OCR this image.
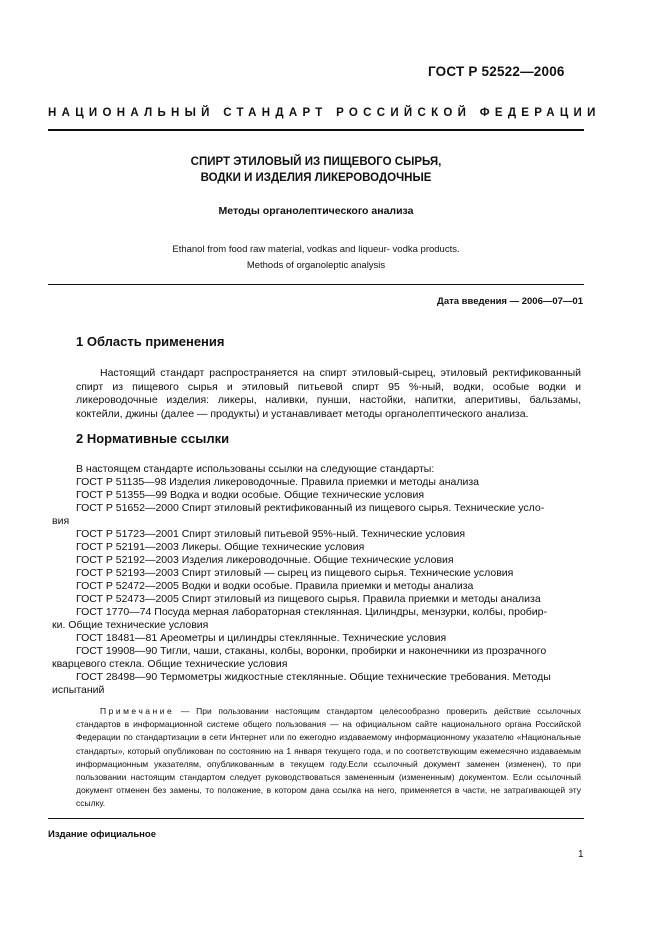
ГОСТ Р 52522—2006
НАЦИОНАЛЬНЫЙ СТАНДАРТ РОССИЙСКОЙ ФЕДЕРАЦИИ
СПИРТ ЭТИЛОВЫЙ ИЗ ПИЩЕВОГО СЫРЬЯ,
ВОДКИ И ИЗДЕЛИЯ ЛИКЕРОВОДОЧНЫЕ
Методы органолептического анализа
Ethanol from food raw material, vodkas and liqueur- vodka products.
Methods of organoleptic analysis
Дата введения — 2006—07—01
1 Область применения
Настоящий стандарт распространяется на спирт этиловый-сырец, этиловый ректификованный спирт из пищевого сырья и этиловый питьевой спирт 95 %-ный, водки, особые водки и ликероводочные изделия: ликеры, наливки, пунши, настойки, напитки, аперитивы, бальзамы, коктейли, джины (далее — продукты) и устанавливает методы органолептического анализа.
2 Нормативные ссылки
В настоящем стандарте использованы ссылки на следующие стандарты:
ГОСТ Р 51135—98 Изделия ликероводочные. Правила приемки и методы анализа
ГОСТ Р 51355—99 Водка и водки особые. Общие технические условия
ГОСТ Р 51652—2000 Спирт этиловый ректификованный из пищевого сырья. Технические усло-
вия
ГОСТ Р 51723—2001 Спирт этиловый питьевой 95%-ный. Технические условия
ГОСТ Р 52191—2003 Ликеры. Общие технические условия
ГОСТ Р 52192—2003 Изделия ликероводочные. Общие технические условия
ГОСТ Р 52193—2003 Спирт этиловый — сырец из пищевого сырья. Технические условия
ГОСТ Р 52472—2005 Водки и водки особые. Правила приемки и методы анализа
ГОСТ Р 52473—2005 Спирт этиловый из пищевого сырья. Правила приемки и методы анализа
ГОСТ 1770—74 Посуда мерная лабораторная стеклянная. Цилиндры, мензурки, колбы, пробир-
ки. Общие технические условия
ГОСТ 18481—81 Ареометры и цилиндры стеклянные. Технические условия
ГОСТ 19908—90 Тигли, чаши, стаканы, колбы, воронки, пробирки и наконечники из прозрачного
кварцевого стекла. Общие технические условия
ГОСТ 28498—90 Термометры жидкостные стеклянные. Общие технические требования. Методы
испытаний
Примечание — При пользовании настоящим стандартом целесообразно проверить действие ссылочных стандартов в информационной системе общего пользования — на официальном сайте национального органа Российской Федерации по стандартизации в сети Интернет или по ежегодно издаваемому информационному указателю «Национальные стандарты», который опубликован по состоянию на 1 января текущего года, и по соответствующим ежемесячно издаваемым информационным указателям, опубликованным в текущем году.Если ссылочный документ заменен (изменен), то при пользовании настоящим стандартом следует руководствоваться замененным (измененным) документом. Если ссылочный документ отменен без замены, то положение, в котором дана ссылка на него, применяется в части, не затрагивающей эту ссылку.
Издание официальное
1
